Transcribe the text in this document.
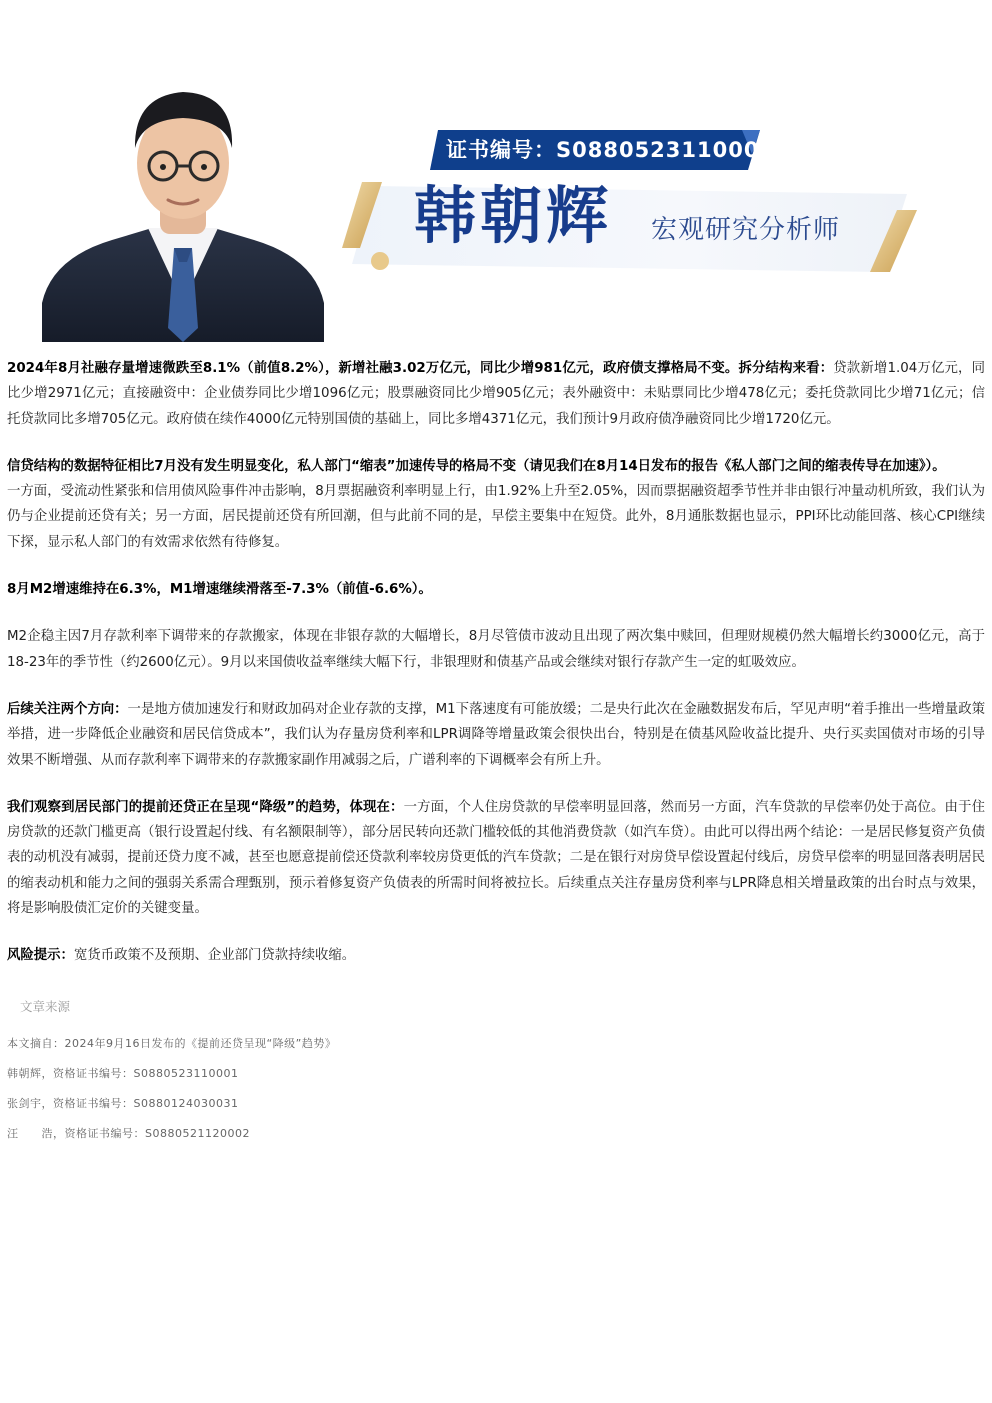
证书编号：S0880523110001
韩朝辉 宏观研究分析师

2024年8月社融存量增速微跌至8.1%（前值8.2%），新增社融3.02万亿元，同比少增981亿元，政府债支撑格局不变。拆分结构来看：贷款新增1.04万亿元，同比少增2971亿元；直接融资中：企业债券同比少增1096亿元；股票融资同比少增905亿元；表外融资中：未贴票同比少增478亿元；委托贷款同比少增71亿元；信托贷款同比多增705亿元。政府债在续作4000亿元特别国债的基础上，同比多增4371亿元，我们预计9月政府债净融资同比少增1720亿元。

信贷结构的数据特征相比7月没有发生明显变化，私人部门“缩表”加速传导的格局不变（请见我们在8月14日发布的报告《私人部门之间的缩表传导在加速》）。
一方面，受流动性紧张和信用债风险事件冲击影响，8月票据融资利率明显上行，由1.92%上升至2.05%，因而票据融资超季节性并非由银行冲量动机所致，我们认为仍与企业提前还贷有关；另一方面，居民提前还贷有所回潮，但与此前不同的是，早偿主要集中在短贷。此外，8月通胀数据也显示，PPI环比动能回落、核心CPI继续下探，显示私人部门的有效需求依然有待修复。

8月M2增速维持在6.3%，M1增速继续滑落至-7.3%（前值-6.6%）。

M2企稳主因7月存款利率下调带来的存款搬家，体现在非银存款的大幅增长，8月尽管债市波动且出现了两次集中赎回，但理财规模仍然大幅增长约3000亿元，高于18-23年的季节性（约2600亿元）。9月以来国债收益率继续大幅下行，非银理财和债基产品或会继续对银行存款产生一定的虹吸效应。

后续关注两个方向：一是地方债加速发行和财政加码对企业存款的支撑，M1下落速度有可能放缓；二是央行此次在金融数据发布后，罕见声明“着手推出一些增量政策举措，进一步降低企业融资和居民信贷成本”，我们认为存量房贷利率和LPR调降等增量政策会很快出台，特别是在债基风险收益比提升、央行买卖国债对市场的引导效果不断增强、从而存款利率下调带来的存款搬家副作用减弱之后，广谱利率的下调概率会有所上升。

我们观察到居民部门的提前还贷正在呈现“降级”的趋势，体现在：一方面，个人住房贷款的早偿率明显回落，然而另一方面，汽车贷款的早偿率仍处于高位。由于住房贷款的还款门槛更高（银行设置起付线、有名额限制等），部分居民转向还款门槛较低的其他消费贷款（如汽车贷）。由此可以得出两个结论：一是居民修复资产负债表的动机没有减弱，提前还贷力度不减，甚至也愿意提前偿还贷款利率较房贷更低的汽车贷款；二是在银行对房贷早偿设置起付线后，房贷早偿率的明显回落表明居民的缩表动机和能力之间的强弱关系需合理甄别，预示着修复资产负债表的所需时间将被拉长。后续重点关注存量房贷利率与LPR降息相关增量政策的出台时点与效果，将是影响股债汇定价的关键变量。

风险提示：宽货币政策不及预期、企业部门贷款持续收缩。

文章来源
本文摘自：2024年9月16日发布的《提前还贷呈现“降级”趋势》
韩朝辉，资格证书编号：S0880523110001
张剑宇，资格证书编号：S0880124030031
汪　　浩，资格证书编号：S0880521120002
